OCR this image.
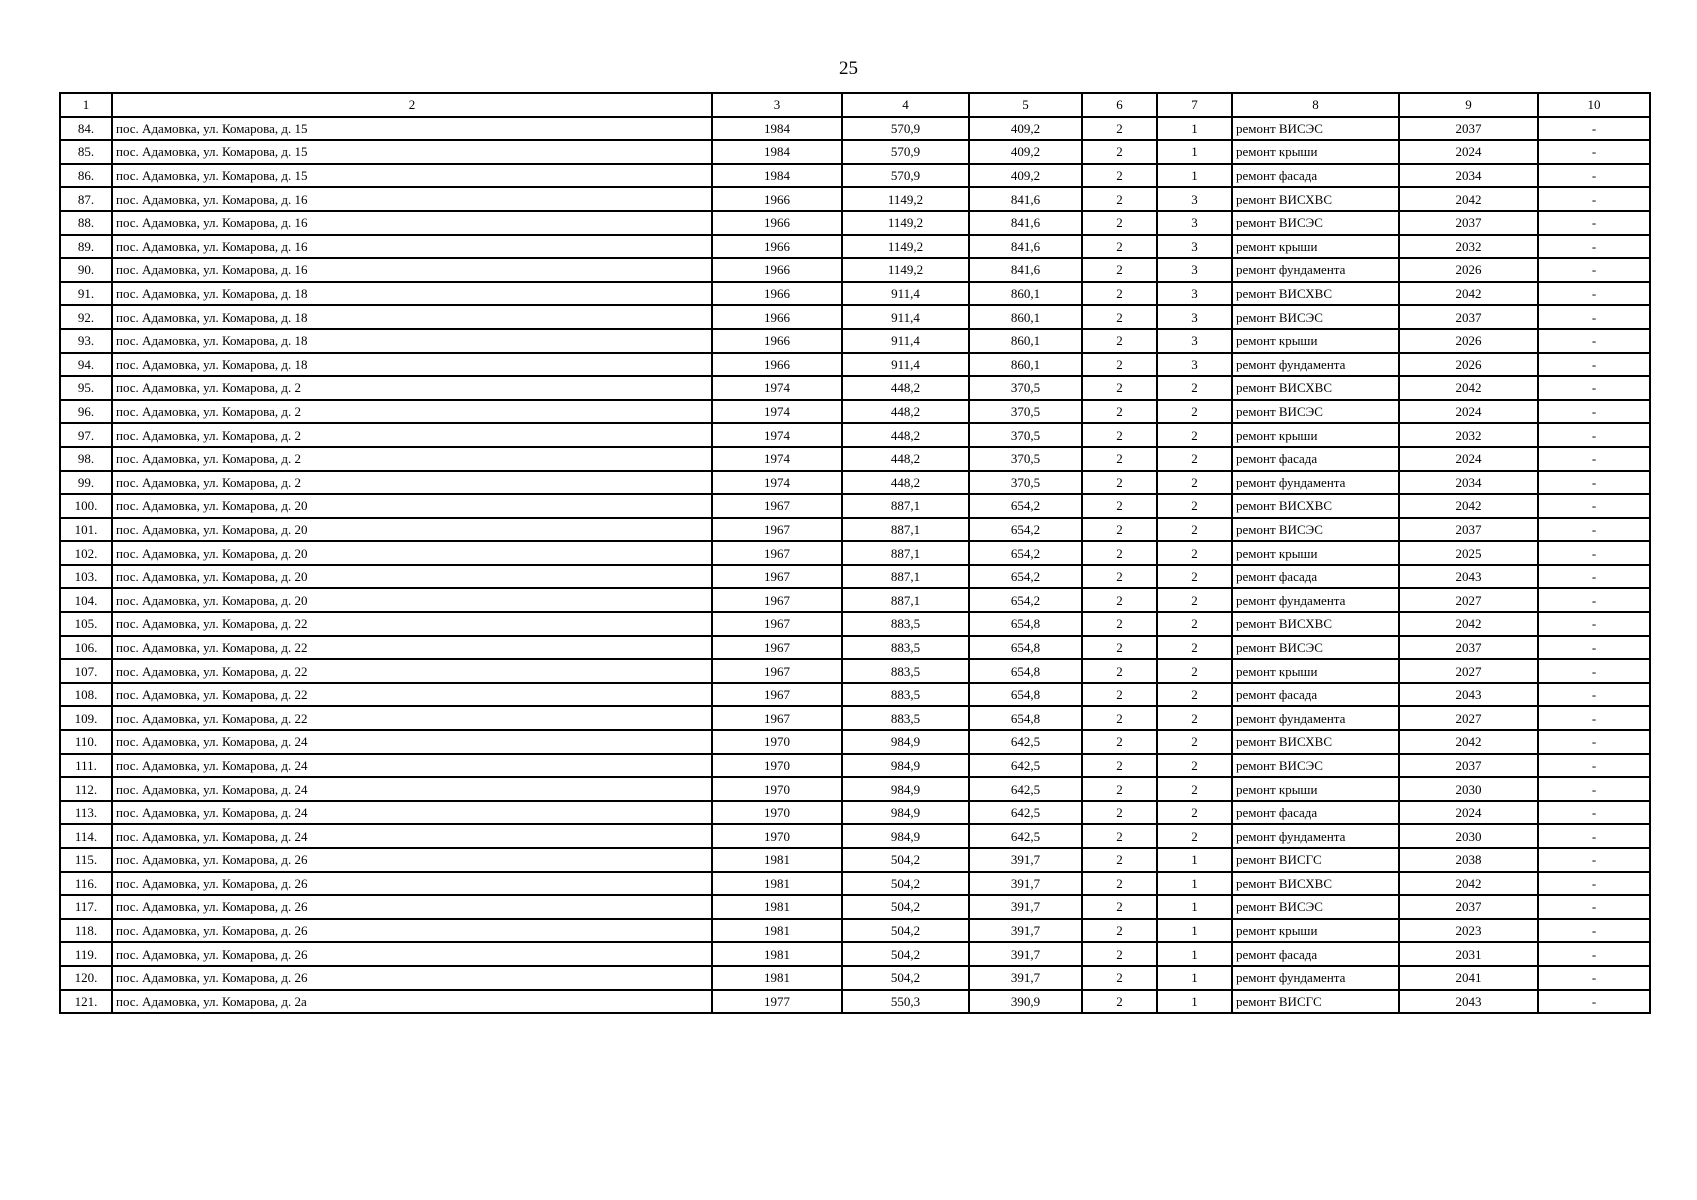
25
1	2	3	4	5	6	7	8	9	10
84.	пос. Адамовка, ул. Комарова, д. 15	1984	570,9	409,2	2	1	ремонт ВИСЭС	2037	-
85.	пос. Адамовка, ул. Комарова, д. 15	1984	570,9	409,2	2	1	ремонт крыши	2024	-
86.	пос. Адамовка, ул. Комарова, д. 15	1984	570,9	409,2	2	1	ремонт фасада	2034	-
87.	пос. Адамовка, ул. Комарова, д. 16	1966	1149,2	841,6	2	3	ремонт ВИСХВС	2042	-
88.	пос. Адамовка, ул. Комарова, д. 16	1966	1149,2	841,6	2	3	ремонт ВИСЭС	2037	-
89.	пос. Адамовка, ул. Комарова, д. 16	1966	1149,2	841,6	2	3	ремонт крыши	2032	-
90.	пос. Адамовка, ул. Комарова, д. 16	1966	1149,2	841,6	2	3	ремонт фундамента	2026	-
91.	пос. Адамовка, ул. Комарова, д. 18	1966	911,4	860,1	2	3	ремонт ВИСХВС	2042	-
92.	пос. Адамовка, ул. Комарова, д. 18	1966	911,4	860,1	2	3	ремонт ВИСЭС	2037	-
93.	пос. Адамовка, ул. Комарова, д. 18	1966	911,4	860,1	2	3	ремонт крыши	2026	-
94.	пос. Адамовка, ул. Комарова, д. 18	1966	911,4	860,1	2	3	ремонт фундамента	2026	-
95.	пос. Адамовка, ул. Комарова, д. 2	1974	448,2	370,5	2	2	ремонт ВИСХВС	2042	-
96.	пос. Адамовка, ул. Комарова, д. 2	1974	448,2	370,5	2	2	ремонт ВИСЭС	2024	-
97.	пос. Адамовка, ул. Комарова, д. 2	1974	448,2	370,5	2	2	ремонт крыши	2032	-
98.	пос. Адамовка, ул. Комарова, д. 2	1974	448,2	370,5	2	2	ремонт фасада	2024	-
99.	пос. Адамовка, ул. Комарова, д. 2	1974	448,2	370,5	2	2	ремонт фундамента	2034	-
100.	пос. Адамовка, ул. Комарова, д. 20	1967	887,1	654,2	2	2	ремонт ВИСХВС	2042	-
101.	пос. Адамовка, ул. Комарова, д. 20	1967	887,1	654,2	2	2	ремонт ВИСЭС	2037	-
102.	пос. Адамовка, ул. Комарова, д. 20	1967	887,1	654,2	2	2	ремонт крыши	2025	-
103.	пос. Адамовка, ул. Комарова, д. 20	1967	887,1	654,2	2	2	ремонт фасада	2043	-
104.	пос. Адамовка, ул. Комарова, д. 20	1967	887,1	654,2	2	2	ремонт фундамента	2027	-
105.	пос. Адамовка, ул. Комарова, д. 22	1967	883,5	654,8	2	2	ремонт ВИСХВС	2042	-
106.	пос. Адамовка, ул. Комарова, д. 22	1967	883,5	654,8	2	2	ремонт ВИСЭС	2037	-
107.	пос. Адамовка, ул. Комарова, д. 22	1967	883,5	654,8	2	2	ремонт крыши	2027	-
108.	пос. Адамовка, ул. Комарова, д. 22	1967	883,5	654,8	2	2	ремонт фасада	2043	-
109.	пос. Адамовка, ул. Комарова, д. 22	1967	883,5	654,8	2	2	ремонт фундамента	2027	-
110.	пос. Адамовка, ул. Комарова, д. 24	1970	984,9	642,5	2	2	ремонт ВИСХВС	2042	-
111.	пос. Адамовка, ул. Комарова, д. 24	1970	984,9	642,5	2	2	ремонт ВИСЭС	2037	-
112.	пос. Адамовка, ул. Комарова, д. 24	1970	984,9	642,5	2	2	ремонт крыши	2030	-
113.	пос. Адамовка, ул. Комарова, д. 24	1970	984,9	642,5	2	2	ремонт фасада	2024	-
114.	пос. Адамовка, ул. Комарова, д. 24	1970	984,9	642,5	2	2	ремонт фундамента	2030	-
115.	пос. Адамовка, ул. Комарова, д. 26	1981	504,2	391,7	2	1	ремонт ВИСГС	2038	-
116.	пос. Адамовка, ул. Комарова, д. 26	1981	504,2	391,7	2	1	ремонт ВИСХВС	2042	-
117.	пос. Адамовка, ул. Комарова, д. 26	1981	504,2	391,7	2	1	ремонт ВИСЭС	2037	-
118.	пос. Адамовка, ул. Комарова, д. 26	1981	504,2	391,7	2	1	ремонт крыши	2023	-
119.	пос. Адамовка, ул. Комарова, д. 26	1981	504,2	391,7	2	1	ремонт фасада	2031	-
120.	пос. Адамовка, ул. Комарова, д. 26	1981	504,2	391,7	2	1	ремонт фундамента	2041	-
121.	пос. Адамовка, ул. Комарова, д. 2а	1977	550,3	390,9	2	1	ремонт ВИСГС	2043	-
